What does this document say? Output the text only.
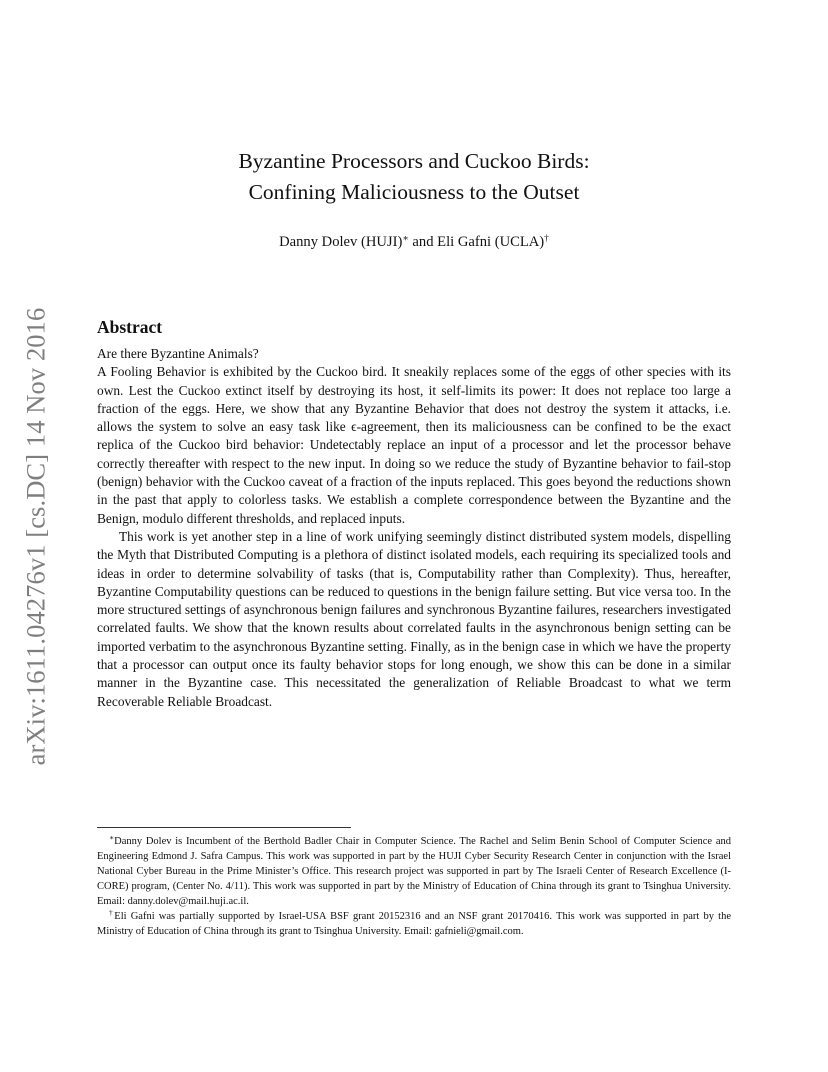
arXiv:1611.04276v1 [cs.DC] 14 Nov 2016
Byzantine Processors and Cuckoo Birds:
Confining Maliciousness to the Outset
Danny Dolev (HUJI)∗ and Eli Gafni (UCLA)†
Abstract

Are there Byzantine Animals?

A Fooling Behavior is exhibited by the Cuckoo bird. It sneakily replaces some of the eggs of other species with its own. Lest the Cuckoo extinct itself by destroying its host, it self-limits its power: It does not replace too large a fraction of the eggs. Here, we show that any Byzantine Behavior that does not destroy the system it attacks, i.e. allows the system to solve an easy task like ϵ-agreement, then its maliciousness can be confined to be the exact replica of the Cuckoo bird behavior: Undetectably replace an input of a processor and let the processor behave correctly thereafter with respect to the new input. In doing so we reduce the study of Byzantine behavior to fail-stop (benign) behavior with the Cuckoo caveat of a fraction of the inputs replaced. This goes beyond the reductions shown in the past that apply to colorless tasks. We establish a complete correspondence between the Byzantine and the Benign, modulo different thresholds, and replaced inputs.

This work is yet another step in a line of work unifying seemingly distinct distributed system models, dispelling the Myth that Distributed Computing is a plethora of distinct isolated models, each requiring its specialized tools and ideas in order to determine solvability of tasks (that is, Computability rather than Complexity). Thus, hereafter, Byzantine Computability questions can be reduced to questions in the benign failure setting. But vice versa too. In the more structured settings of asynchronous benign failures and synchronous Byzantine failures, researchers investigated correlated faults. We show that the known results about correlated faults in the asynchronous benign setting can be imported verbatim to the asynchronous Byzantine setting. Finally, as in the benign case in which we have the property that a processor can output once its faulty behavior stops for long enough, we show this can be done in a similar manner in the Byzantine case. This necessitated the generalization of Reliable Broadcast to what we term Recoverable Reliable Broadcast.

∗Danny Dolev is Incumbent of the Berthold Badler Chair in Computer Science. The Rachel and Selim Benin School of Computer Science and Engineering Edmond J. Safra Campus. This work was supported in part by the HUJI Cyber Security Research Center in conjunction with the Israel National Cyber Bureau in the Prime Minister’s Office. This research project was supported in part by The Israeli Center of Research Excellence (I-CORE) program, (Center No. 4/11). This work was supported in part by the Ministry of Education of China through its grant to Tsinghua University. Email: danny.dolev@mail.huji.ac.il.

†Eli Gafni was partially supported by Israel-USA BSF grant 20152316 and an NSF grant 20170416. This work was supported in part by the Ministry of Education of China through its grant to Tsinghua University. Email: gafnieli@gmail.com.
